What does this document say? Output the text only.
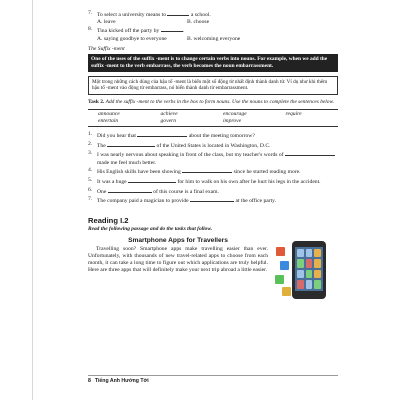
7. To select a university means to	a school.
A. leave	B. choose
8. Tina kicked off the party by	.
A. saying goodbye to everyone	B. welcoming everyone
The Suffix -ment
One of the uses of the suffix -ment is to change certain verbs into nouns. For example, when we add the suffix -ment to the verb embarrass, the verb becomes the noun embarrassment.
Một trong những cách dùng của hậu tố -ment là biến một số động từ nhất định thành danh từ. Ví dụ như khi thêm hậu tố -ment vào động từ embarrass, nó biến thành danh từ embarrassment.
Task 2. Add the suffix -ment to the verbs in the box to form nouns. Use the nouns to complete the sentences below.
announce	achieve	encourage	require
entertain	govern	improve
1. Did you hear that	about the meeting tomorrow?
2. The	of the United States is located in Washington, D.C.
3. I was nearly nervous about speaking in front of the class, but my teacher's words of  made me feel much better.
4. His English skills have been showing	since he started reading more.
5. It was a huge	for him to walk on his own after he hurt his legs in the accident.
6. One	of this course is a final exam.
7. The company paid a magician to provide	at the office party.
Reading I.2
Read the following passage and do the tasks that follow.
Smartphone Apps for Travellers
Travelling soon? Smartphone apps make travelling easier than ever. Unfortunately, with thousands of new travel-related apps to choose from each month, it can take a long time to figure out which applications are truly helpful. Here are three apps that will definitely make your next trip abroad a little easier.
8 Tiếng Anh Hướng Tới
